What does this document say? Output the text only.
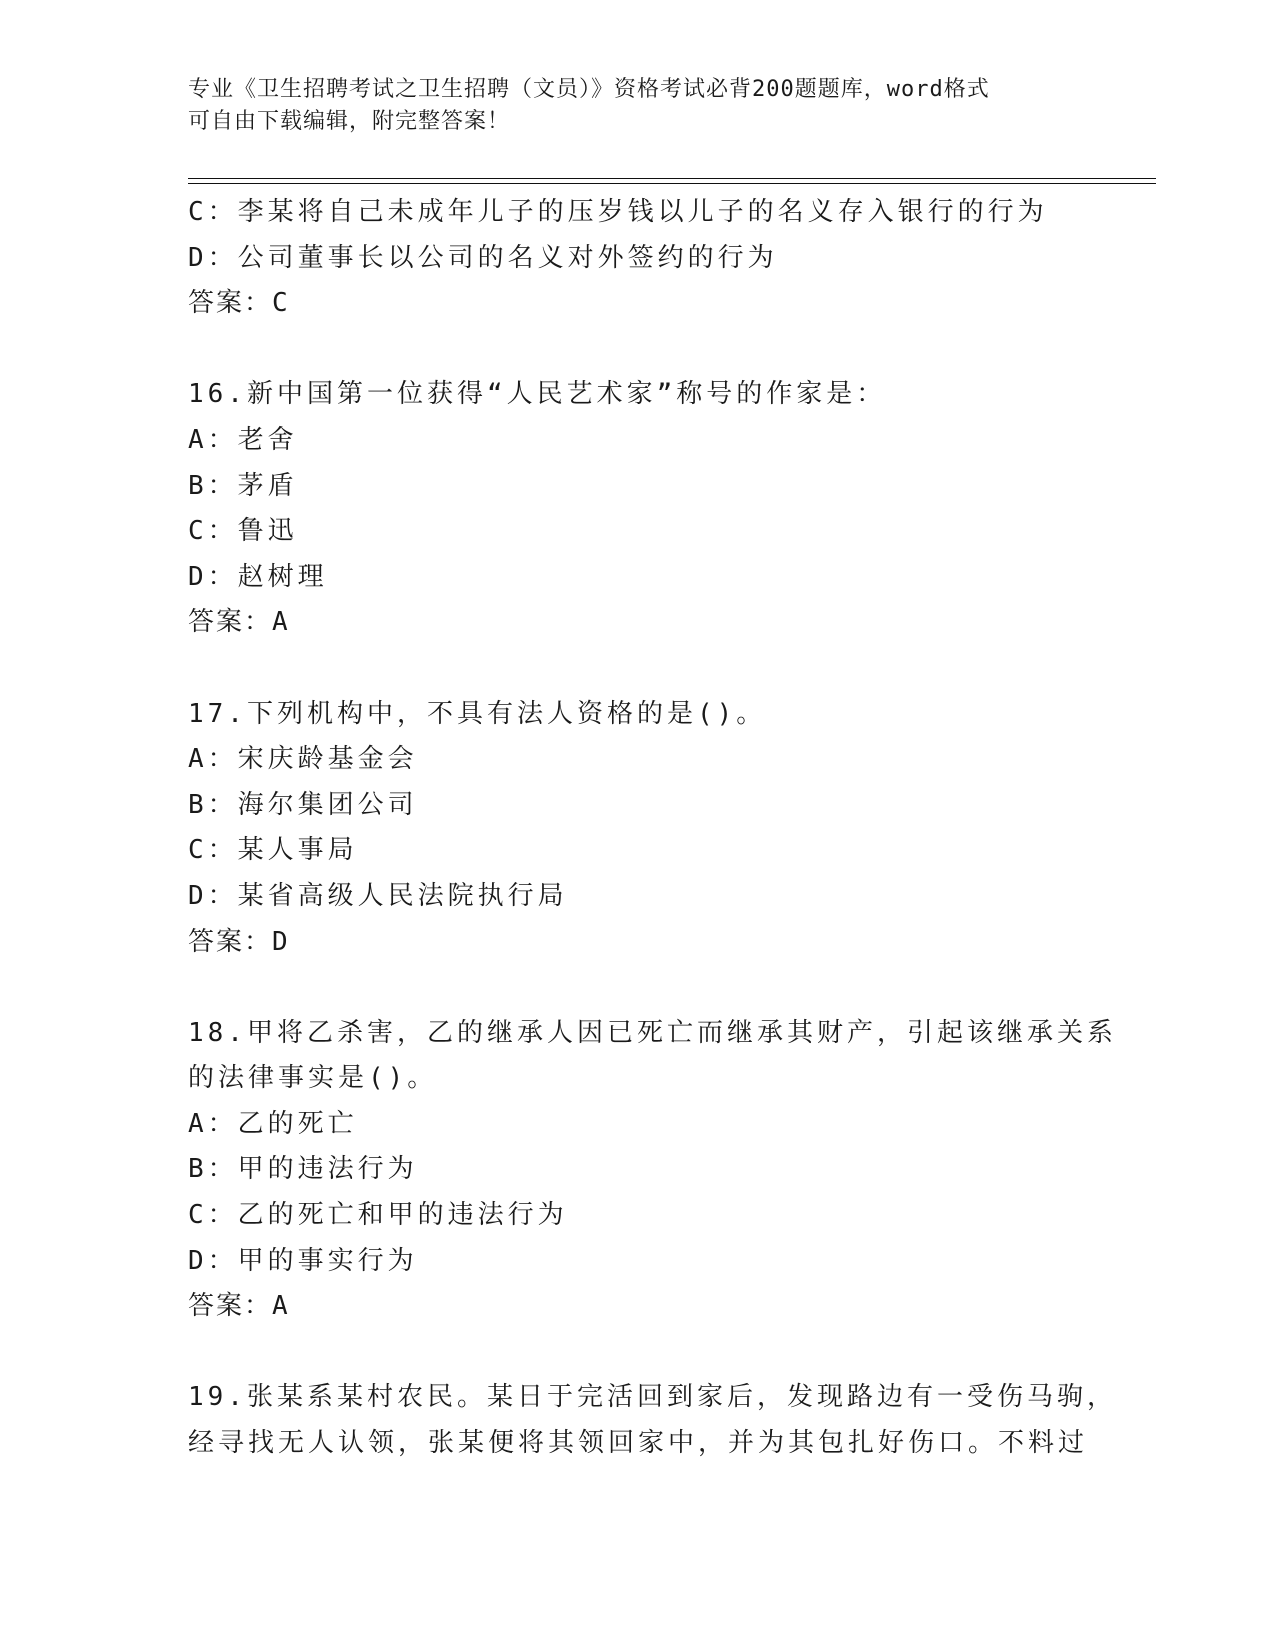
专业《卫生招聘考试之卫生招聘（文员）》资格考试必背200题题库，word格式
可自由下载编辑，附完整答案！
C：李某将自己未成年儿子的压岁钱以儿子的名义存入银行的行为
D：公司董事长以公司的名义对外签约的行为
答案：C
16.新中国第一位获得“人民艺术家”称号的作家是：
A：老舍
B：茅盾
C：鲁迅
D：赵树理
答案：A
17.下列机构中，不具有法人资格的是()。
A：宋庆龄基金会
B：海尔集团公司
C：某人事局
D：某省高级人民法院执行局
答案：D
18.甲将乙杀害，乙的继承人因已死亡而继承其财产，引起该继承关系
的法律事实是()。
A：乙的死亡
B：甲的违法行为
C：乙的死亡和甲的违法行为
D：甲的事实行为
答案：A
19.张某系某村农民。某日于完活回到家后，发现路边有一受伤马驹，
经寻找无人认领，张某便将其领回家中，并为其包扎好伤口。不料过
